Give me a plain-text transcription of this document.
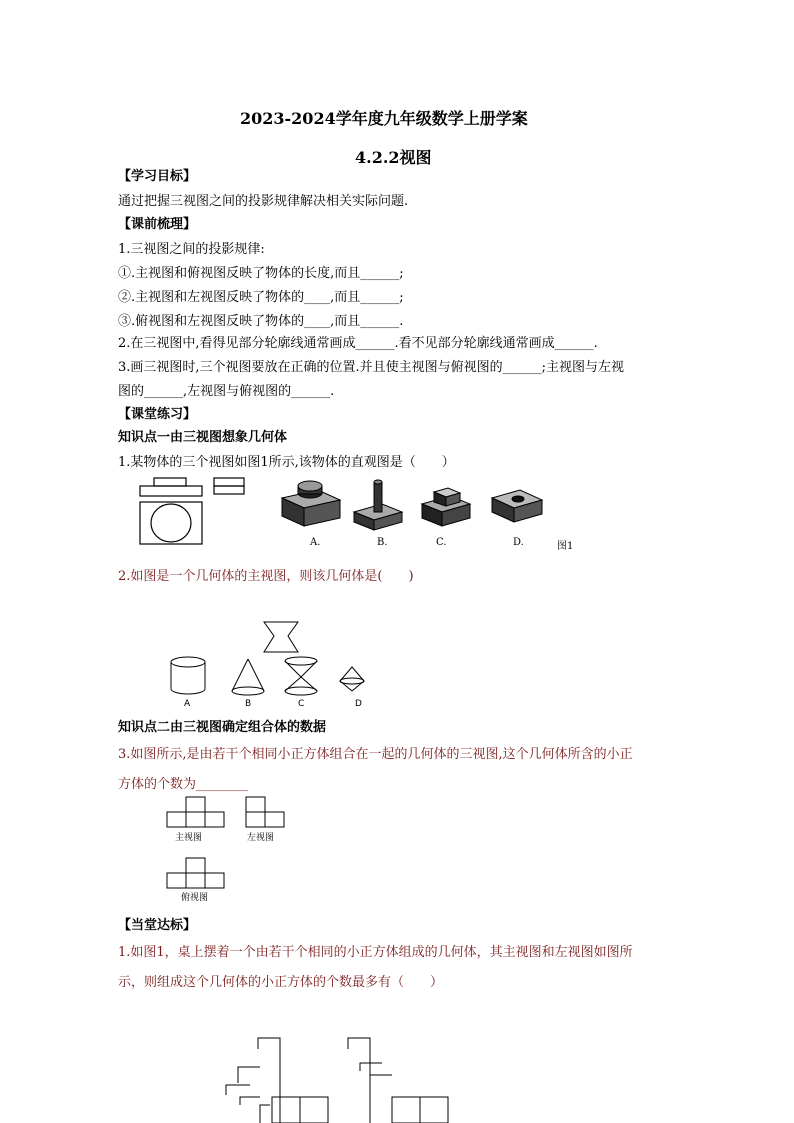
2023-2024学年度九年级数学上册学案
4.2.2视图
【学习目标】
通过把握三视图之间的投影规律解决相关实际问题.
【课前梳理】
1.三视图之间的投影规律:
①.主视图和俯视图反映了物体的长度,而且______;
②.主视图和左视图反映了物体的____,而且______;
③.俯视图和左视图反映了物体的____,而且______.
2.在三视图中,看得见部分轮廓线通常画成______.看不见部分轮廓线通常画成______.
3.画三视图时,三个视图要放在正确的位置.并且使主视图与俯视图的______;主视图与左视
图的______,左视图与俯视图的______.
【课堂练习】
知识点一由三视图想象几何体
1.某物体的三个视图如图1所示,该物体的直观图是（　　）
A.	B.	C.	D.	图1
2.如图是一个几何体的主视图，则该几何体是(　　)
A	B	C	D
知识点二由三视图确定组合体的数据
3.如图所示,是由若干个相同小正方体组合在一起的几何体的三视图,这个几何体所含的小正
方体的个数为________
主视图	左视图
俯视图
【当堂达标】
1.如图1，桌上摆着一个由若干个相同的小正方体组成的几何体，其主视图和左视图如图所
示，则组成这个几何体的小正方体的个数最多有（　　）
